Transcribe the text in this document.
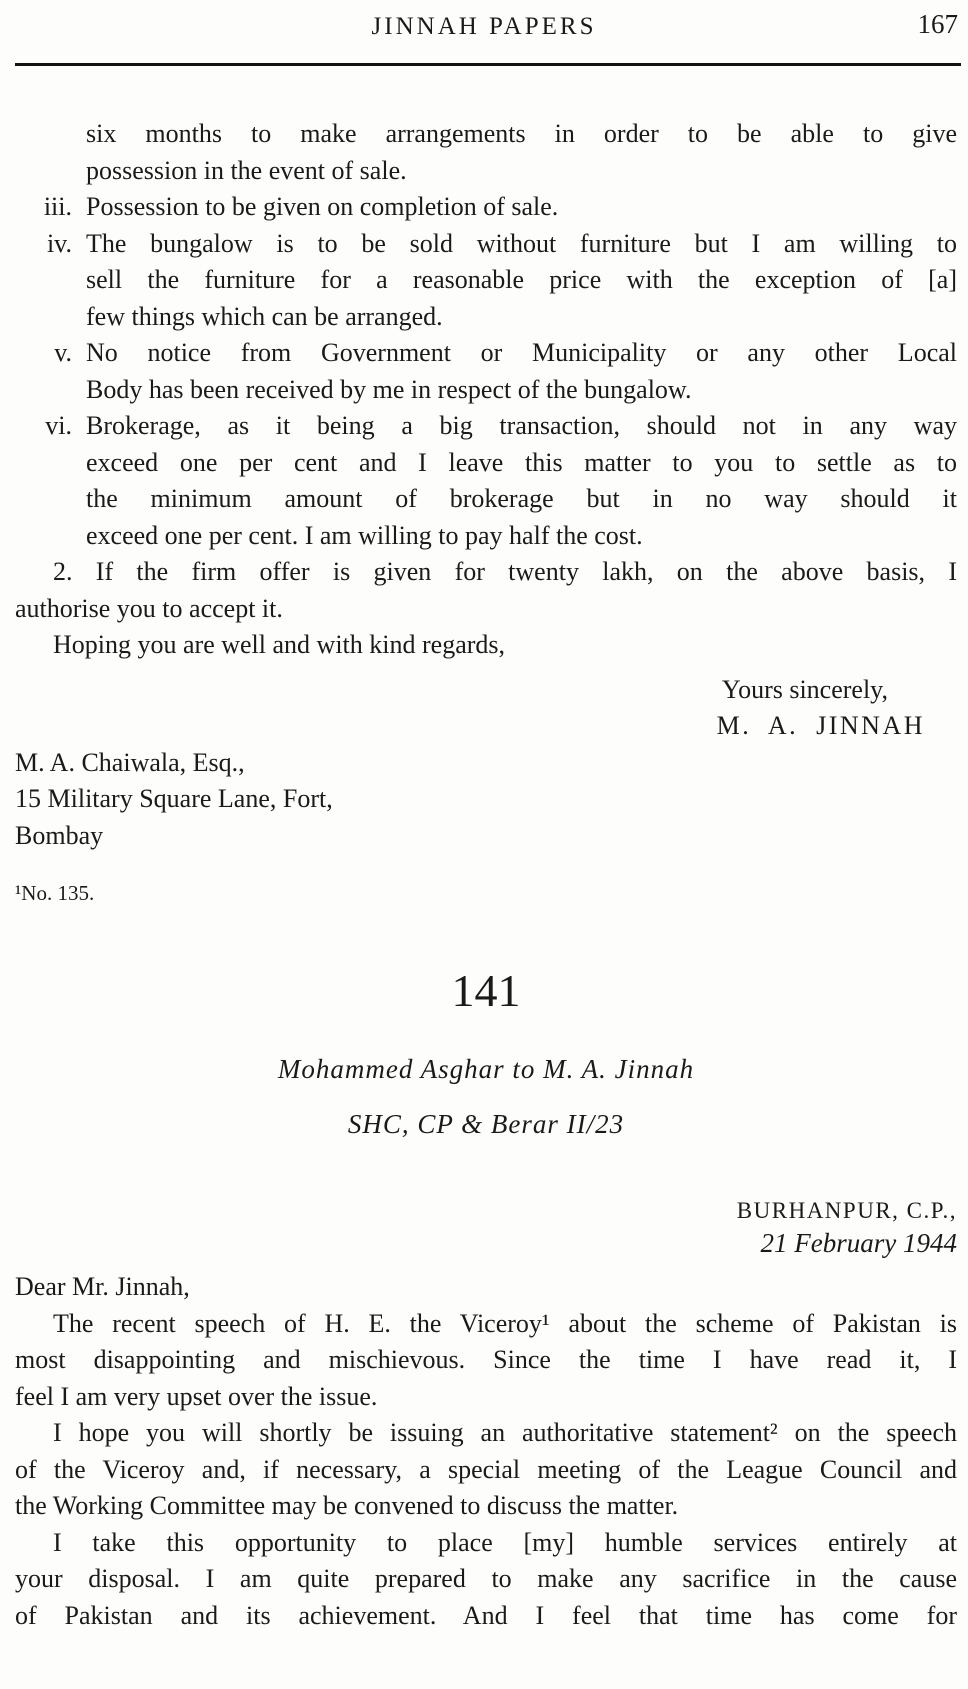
JINNAH PAPERS	167
six months to make arrangements in order to be able to give
possession in the event of sale.
iii. Possession to be given on completion of sale.
iv. The bungalow is to be sold without furniture but I am willing to
sell the furniture for a reasonable price with the exception of [a]
few things which can be arranged.
v. No notice from Government or Municipality or any other Local
Body has been received by me in respect of the bungalow.
vi. Brokerage, as it being a big transaction, should not in any way
exceed one per cent and I leave this matter to you to settle as to
the minimum amount of brokerage but in no way should it
exceed one per cent. I am willing to pay half the cost.
2. If the firm offer is given for twenty lakh, on the above basis, I
authorise you to accept it.
Hoping you are well and with kind regards,
Yours sincerely,
M. A. JINNAH
M. A. Chaiwala, Esq.,
15 Military Square Lane, Fort,
Bombay
¹No. 135.
141
Mohammed Asghar to M. A. Jinnah
SHC, CP & Berar II/23
BURHANPUR, C.P.,
21 February 1944
Dear Mr. Jinnah,
The recent speech of H. E. the Viceroy¹ about the scheme of Pakistan is
most disappointing and mischievous. Since the time I have read it, I
feel I am very upset over the issue.
I hope you will shortly be issuing an authoritative statement² on the speech
of the Viceroy and, if necessary, a special meeting of the League Council and
the Working Committee may be convened to discuss the matter.
I take this opportunity to place [my] humble services entirely at
your disposal. I am quite prepared to make any sacrifice in the cause
of Pakistan and its achievement. And I feel that time has come for
